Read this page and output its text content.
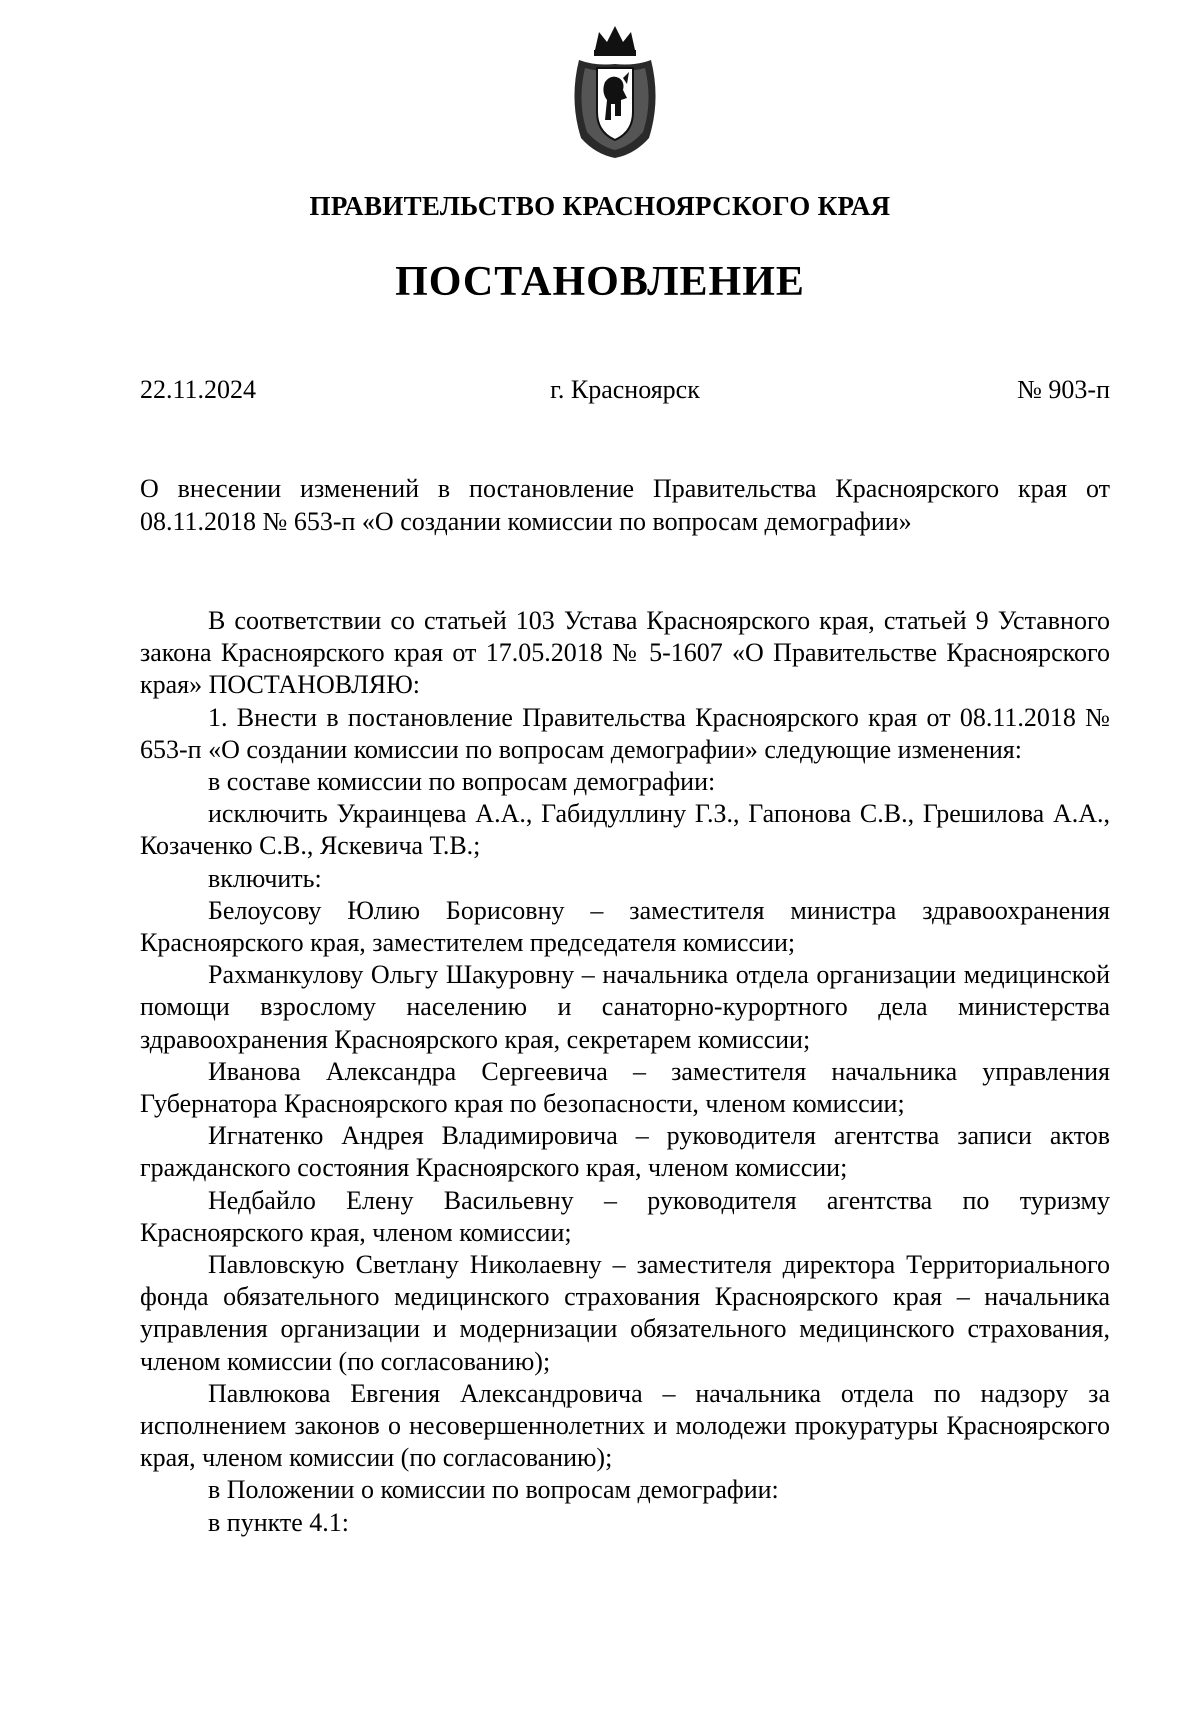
ПРАВИТЕЛЬСТВО КРАСНОЯРСКОГО КРАЯ
ПОСТАНОВЛЕНИЕ
22.11.2024	г. Красноярск	№ 903-п
О внесении изменений в постановление Правительства Красноярского края от 08.11.2018 № 653-п «О создании комиссии по вопросам демографии»

В соответствии со статьей 103 Устава Красноярского края, статьей 9 Уставного закона Красноярского края от 17.05.2018 № 5-1607 «О Правительстве Красноярского края» ПОСТАНОВЛЯЮ:

1. Внести в постановление Правительства Красноярского края от 08.11.2018 № 653-п «О создании комиссии по вопросам демографии» следующие изменения:

в составе комиссии по вопросам демографии:

исключить Украинцева А.А., Габидуллину Г.З., Гапонова С.В., Грешилова А.А., Козаченко С.В., Яскевича Т.В.;

включить:

Белоусову Юлию Борисовну – заместителя министра здравоохранения Красноярского края, заместителем председателя комиссии;

Рахманкулову Ольгу Шакуровну – начальника отдела организации медицинской помощи взрослому населению и санаторно-курортного дела министерства здравоохранения Красноярского края, секретарем комиссии;

Иванова Александра Сергеевича – заместителя начальника управления Губернатора Красноярского края по безопасности, членом комиссии;

Игнатенко Андрея Владимировича – руководителя агентства записи актов гражданского состояния Красноярского края, членом комиссии;

Недбайло Елену Васильевну – руководителя агентства по туризму Красноярского края, членом комиссии;

Павловскую Светлану Николаевну – заместителя директора Территориального фонда обязательного медицинского страхования Красноярского края – начальника управления организации и модернизации обязательного медицинского страхования, членом комиссии (по согласованию);

Павлюкова Евгения Александровича – начальника отдела по надзору за исполнением законов о несовершеннолетних и молодежи прокуратуры Красноярского края, членом комиссии (по согласованию);

в Положении о комиссии по вопросам демографии:

в пункте 4.1:
